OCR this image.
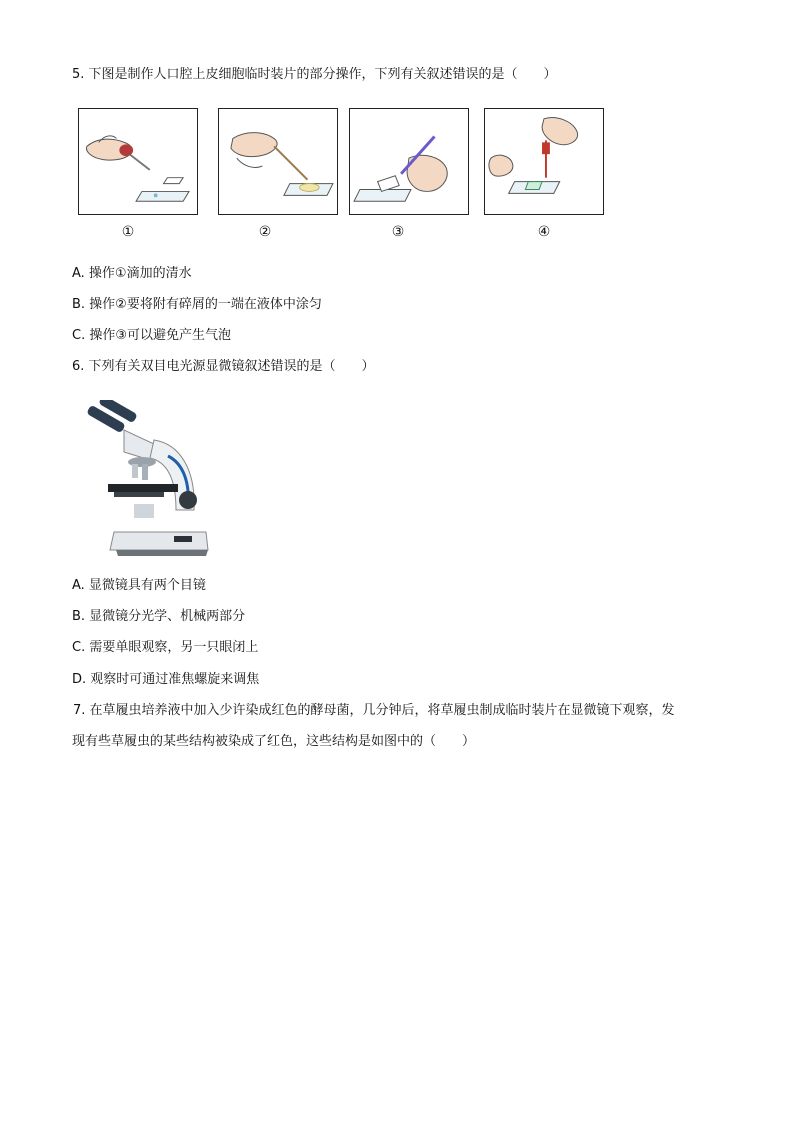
5. 下图是制作人口腔上皮细胞临时装片的部分操作，下列有关叙述错误的是（　　）
①	②	③	④
A. 操作①滴加的清水
B. 操作②要将附有碎屑的一端在液体中涂匀
C. 操作③可以避免产生气泡
6. 下列有关双目电光源显微镜叙述错误的是（　　）
A. 显微镜具有两个目镜
B. 显微镜分光学、机械两部分
C. 需要单眼观察，另一只眼闭上
D. 观察时可通过准焦螺旋来调焦
7. 在草履虫培养液中加入少许染成红色的酵母菌，几分钟后，将草履虫制成临时装片在显微镜下观察，发
现有些草履虫的某些结构被染成了红色，这些结构是如图中的（　　）
